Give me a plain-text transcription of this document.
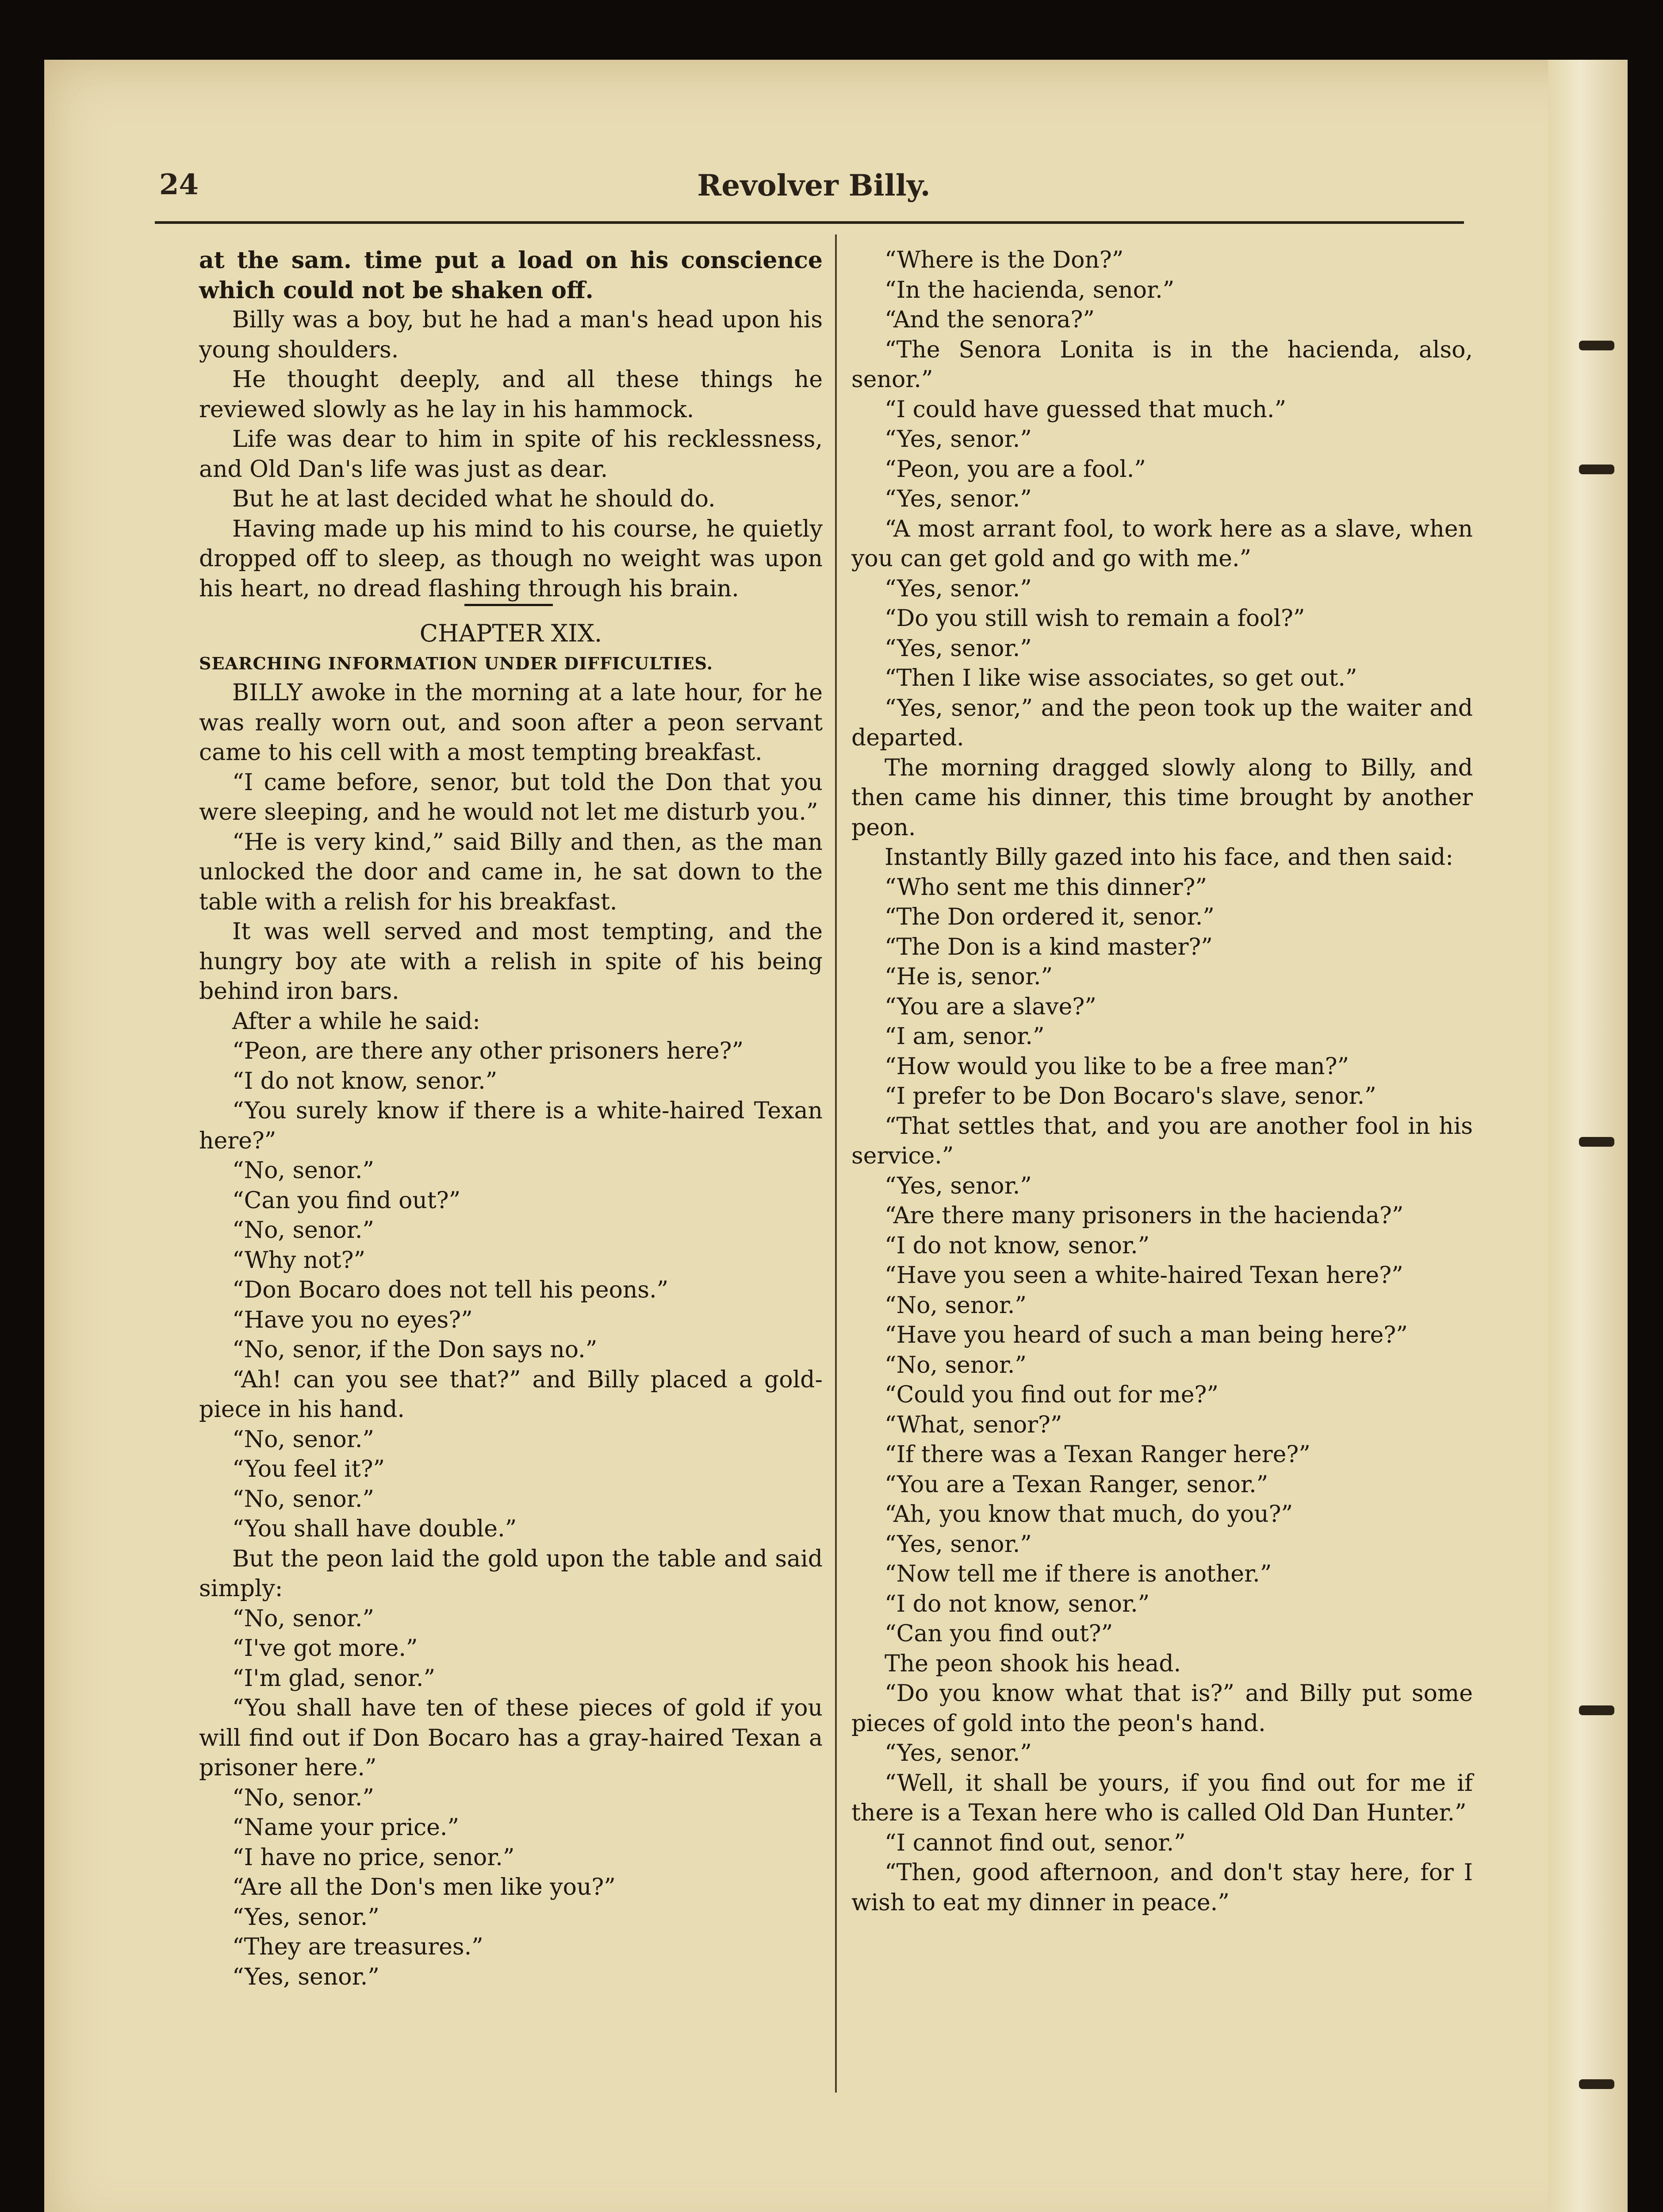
24	Revolver Billy.

at the sam. time put a load on his conscience which could not be shaken off.

Billy was a boy, but he had a man's head upon his young shoulders.

He thought deeply, and all these things he reviewed slowly as he lay in his hammock.

Life was dear to him in spite of his recklessness, and Old Dan's life was just as dear.

But he at last decided what he should do.

Having made up his mind to his course, he quietly dropped off to sleep, as though no weight was upon his heart, no dread flashing through his brain.

CHAPTER XIX.

SEARCHING INFORMATION UNDER DIFFICULTIES.

BILLY awoke in the morning at a late hour, for he was really worn out, and soon after a peon servant came to his cell with a most tempting breakfast.

“I came before, senor, but told the Don that you were sleeping, and he would not let me disturb you.”

“He is very kind,” said Billy and then, as the man unlocked the door and came in, he sat down to the table with a relish for his breakfast.

It was well served and most tempting, and the hungry boy ate with a relish in spite of his being behind iron bars.

After a while he said:

“Peon, are there any other prisoners here?”

“I do not know, senor.”

“You surely know if there is a white-haired Texan here?”

“No, senor.”

“Can you find out?”

“No, senor.”

“Why not?”

“Don Bocaro does not tell his peons.”

“Have you no eyes?”

“No, senor, if the Don says no.”

“Ah! can you see that?” and Billy placed a gold-piece in his hand.

“No, senor.”

“You feel it?”

“No, senor.”

“You shall have double.”

But the peon laid the gold upon the table and said simply:

“No, senor.”

“I've got more.”

“I'm glad, senor.”

“You shall have ten of these pieces of gold if you will find out if Don Bocaro has a gray-haired Texan a prisoner here.”

“No, senor.”

“Name your price.”

“I have no price, senor.”

“Are all the Don's men like you?”

“Yes, senor.”

“They are treasures.”

“Yes, senor.”

“Where is the Don?”

“In the hacienda, senor.”

“And the senora?”

“The Senora Lonita is in the hacienda, also, senor.”

“I could have guessed that much.”

“Yes, senor.”

“Peon, you are a fool.”

“Yes, senor.”

“A most arrant fool, to work here as a slave, when you can get gold and go with me.”

“Yes, senor.”

“Do you still wish to remain a fool?”

“Yes, senor.”

“Then I like wise associates, so get out.”

“Yes, senor,” and the peon took up the waiter and departed.

The morning dragged slowly along to Billy, and then came his dinner, this time brought by another peon.

Instantly Billy gazed into his face, and then said:

“Who sent me this dinner?”

“The Don ordered it, senor.”

“The Don is a kind master?”

“He is, senor.”

“You are a slave?”

“I am, senor.”

“How would you like to be a free man?”

“I prefer to be Don Bocaro's slave, senor.”

“That settles that, and you are another fool in his service.”

“Yes, senor.”

“Are there many prisoners in the hacienda?”

“I do not know, senor.”

“Have you seen a white-haired Texan here?”

“No, senor.”

“Have you heard of such a man being here?”

“No, senor.”

“Could you find out for me?”

“What, senor?”

“If there was a Texan Ranger here?”

“You are a Texan Ranger, senor.”

“Ah, you know that much, do you?”

“Yes, senor.”

“Now tell me if there is another.”

“I do not know, senor.”

“Can you find out?”

The peon shook his head.

“Do you know what that is?” and Billy put some pieces of gold into the peon's hand.

“Yes, senor.”

“Well, it shall be yours, if you find out for me if there is a Texan here who is called Old Dan Hunter.”

“I cannot find out, senor.”

“Then, good afternoon, and don't stay here, for I wish to eat my dinner in peace.”
